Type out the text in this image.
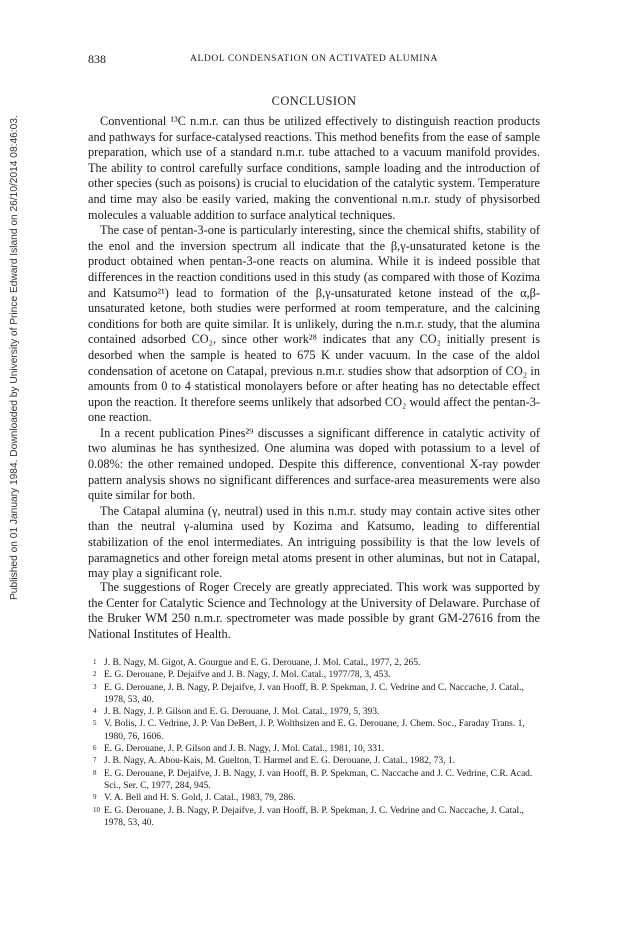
Published on 01 January 1984. Downloaded by University of Prince Edward Island on 26/10/2014 08:46:03.
838	ALDOL CONDENSATION ON ACTIVATED ALUMINA
CONCLUSION

Conventional ¹³C n.m.r. can thus be utilized effectively to distinguish reaction products and pathways for surface-catalysed reactions. This method benefits from the ease of sample preparation, which use of a standard n.m.r. tube attached to a vacuum manifold provides. The ability to control carefully surface conditions, sample loading and the introduction of other species (such as poisons) is crucial to elucidation of the catalytic system. Temperature and time may also be easily varied, making the conventional n.m.r. study of physisorbed molecules a valuable addition to surface analytical techniques.

The case of pentan-3-one is particularly interesting, since the chemical shifts, stability of the enol and the inversion spectrum all indicate that the β,γ-unsaturated ketone is the product obtained when pentan-3-one reacts on alumina. While it is indeed possible that differences in the reaction conditions used in this study (as compared with those of Kozima and Katsumo²¹) lead to formation of the β,γ-unsaturated ketone instead of the α,β-unsaturated ketone, both studies were performed at room temperature, and the calcining conditions for both are quite similar. It is unlikely, during the n.m.r. study, that the alumina contained adsorbed CO₂, since other work²⁸ indicates that any CO₂ initially present is desorbed when the sample is heated to 675 K under vacuum. In the case of the aldol condensation of acetone on Catapal, previous n.m.r. studies show that adsorption of CO₂ in amounts from 0 to 4 statistical monolayers before or after heating has no detectable effect upon the reaction. It therefore seems unlikely that adsorbed CO₂ would affect the pentan-3-one reaction.

In a recent publication Pines²⁹ discusses a significant difference in catalytic activity of two aluminas he has synthesized. One alumina was doped with potassium to a level of 0.08%: the other remained undoped. Despite this difference, conventional X-ray powder pattern analysis shows no significant differences and surface-area measurements were also quite similar for both.

The Catapal alumina (γ, neutral) used in this n.m.r. study may contain active sites other than the neutral γ-alumina used by Kozima and Katsumo, leading to differential stabilization of the enol intermediates. An intriguing possibility is that the low levels of paramagnetics and other foreign metal atoms present in other aluminas, but not in Catapal, may play a significant role.

The suggestions of Roger Crecely are greatly appreciated. This work was supported by the Center for Catalytic Science and Technology at the University of Delaware. Purchase of the Bruker WM 250 n.m.r. spectrometer was made possible by grant GM-27616 from the National Institutes of Health.

1 J. B. Nagy, M. Gigot, A. Gourgue and E. G. Derouane, J. Mol. Catal., 1977, 2, 265.
2 E. G. Derouane, P. Dejaifve and J. B. Nagy, J. Mol. Catal., 1977/78, 3, 453.
3 E. G. Derouane, J. B. Nagy, P. Dejaifve, J. van Hooff, B. P. Spekman, J. C. Vedrine and C. Naccache, J. Catal., 1978, 53, 40.
4 J. B. Nagy, J. P. Gilson and E. G. Derouane, J. Mol. Catal., 1979, 5, 393.
5 V. Bolis, J. C. Vedrine, J. P. Van DeBert, J. P. Wolthsizen and E. G. Derouane, J. Chem. Soc., Faraday Trans. 1, 1980, 76, 1606.
6 E. G. Derouane, J. P. Gilson and J. B. Nagy, J. Mol. Catal., 1981, 10, 331.
7 J. B. Nagy, A. Abou-Kais, M. Guelton, T. Harmel and E. G. Derouane, J. Catal., 1982, 73, 1.
8 E. G. Derouane, P. Dejaifve, J. B. Nagy, J. van Hooff, B. P. Spekman, C. Naccache and J. C. Vedrine, C.R. Acad. Sci., Ser. C, 1977, 284, 945.
9 V. A. Bell and H. S. Gold, J. Catal., 1983, 79, 286.
10 E. G. Derouane, J. B. Nagy, P. Dejaifve, J. van Hooff, B. P. Spekman, J. C. Vedrine and C. Naccache, J. Catal., 1978, 53, 40.
